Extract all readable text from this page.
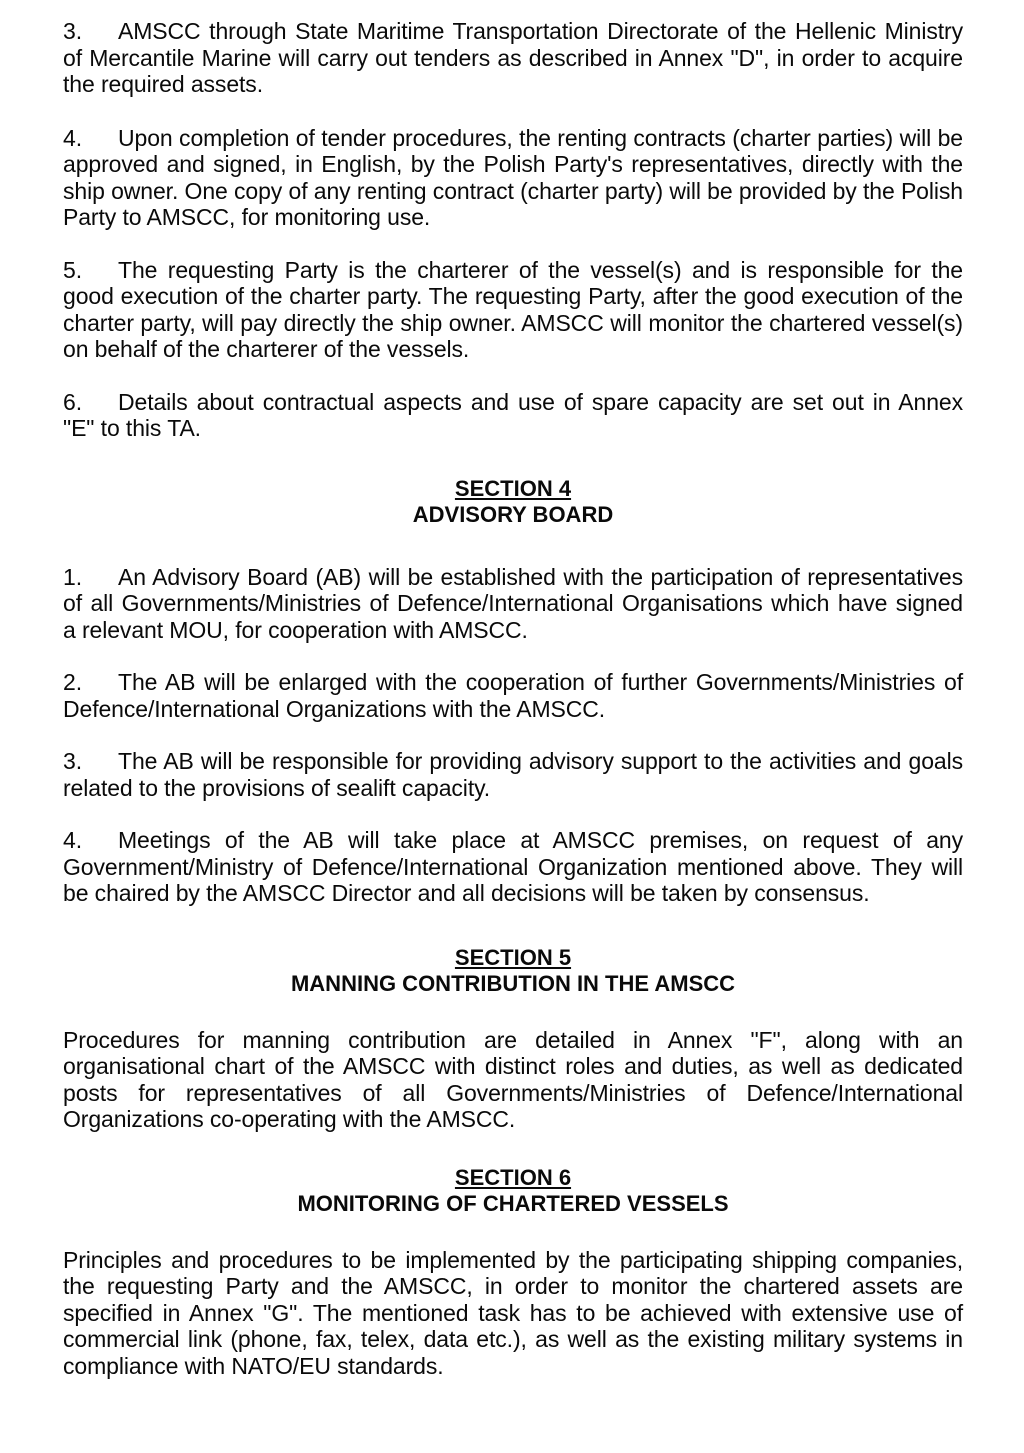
3. AMSCC through State Maritime Transportation Directorate of the Hellenic Ministry of Mercantile Marine will carry out tenders as described in Annex "D", in order to acquire the required assets.

4. Upon completion of tender procedures, the renting contracts (charter parties) will be approved and signed, in English, by the Polish Party's representatives, directly with the ship owner. One copy of any renting contract (charter party) will be provided by the Polish Party to AMSCC, for monitoring use.

5. The requesting Party is the charterer of the vessel(s) and is responsible for the good execution of the charter party. The requesting Party, after the good execution of the charter party, will pay directly the ship owner. AMSCC will monitor the chartered vessel(s) on behalf of the charterer of the vessels.

6. Details about contractual aspects and use of spare capacity are set out in Annex "E" to this TA.

SECTION 4
ADVISORY BOARD

1. An Advisory Board (AB) will be established with the participation of representatives of all Governments/Ministries of Defence/International Organisations which have signed a relevant MOU, for cooperation with AMSCC.

2. The AB will be enlarged with the cooperation of further Governments/Ministries of Defence/International Organizations with the AMSCC.

3. The AB will be responsible for providing advisory support to the activities and goals related to the provisions of sealift capacity.

4. Meetings of the AB will take place at AMSCC premises, on request of any Government/Ministry of Defence/International Organization mentioned above. They will be chaired by the AMSCC Director and all decisions will be taken by consensus.

SECTION 5
MANNING CONTRIBUTION IN THE AMSCC

Procedures for manning contribution are detailed in Annex "F", along with an organisational chart of the AMSCC with distinct roles and duties, as well as dedicated posts for representatives of all Governments/Ministries of Defence/International Organizations co-operating with the AMSCC.

SECTION 6
MONITORING OF CHARTERED VESSELS

Principles and procedures to be implemented by the participating shipping companies, the requesting Party and the AMSCC, in order to monitor the chartered assets are specified in Annex "G". The mentioned task has to be achieved with extensive use of commercial link (phone, fax, telex, data etc.), as well as the existing military systems in compliance with NATO/EU standards.
